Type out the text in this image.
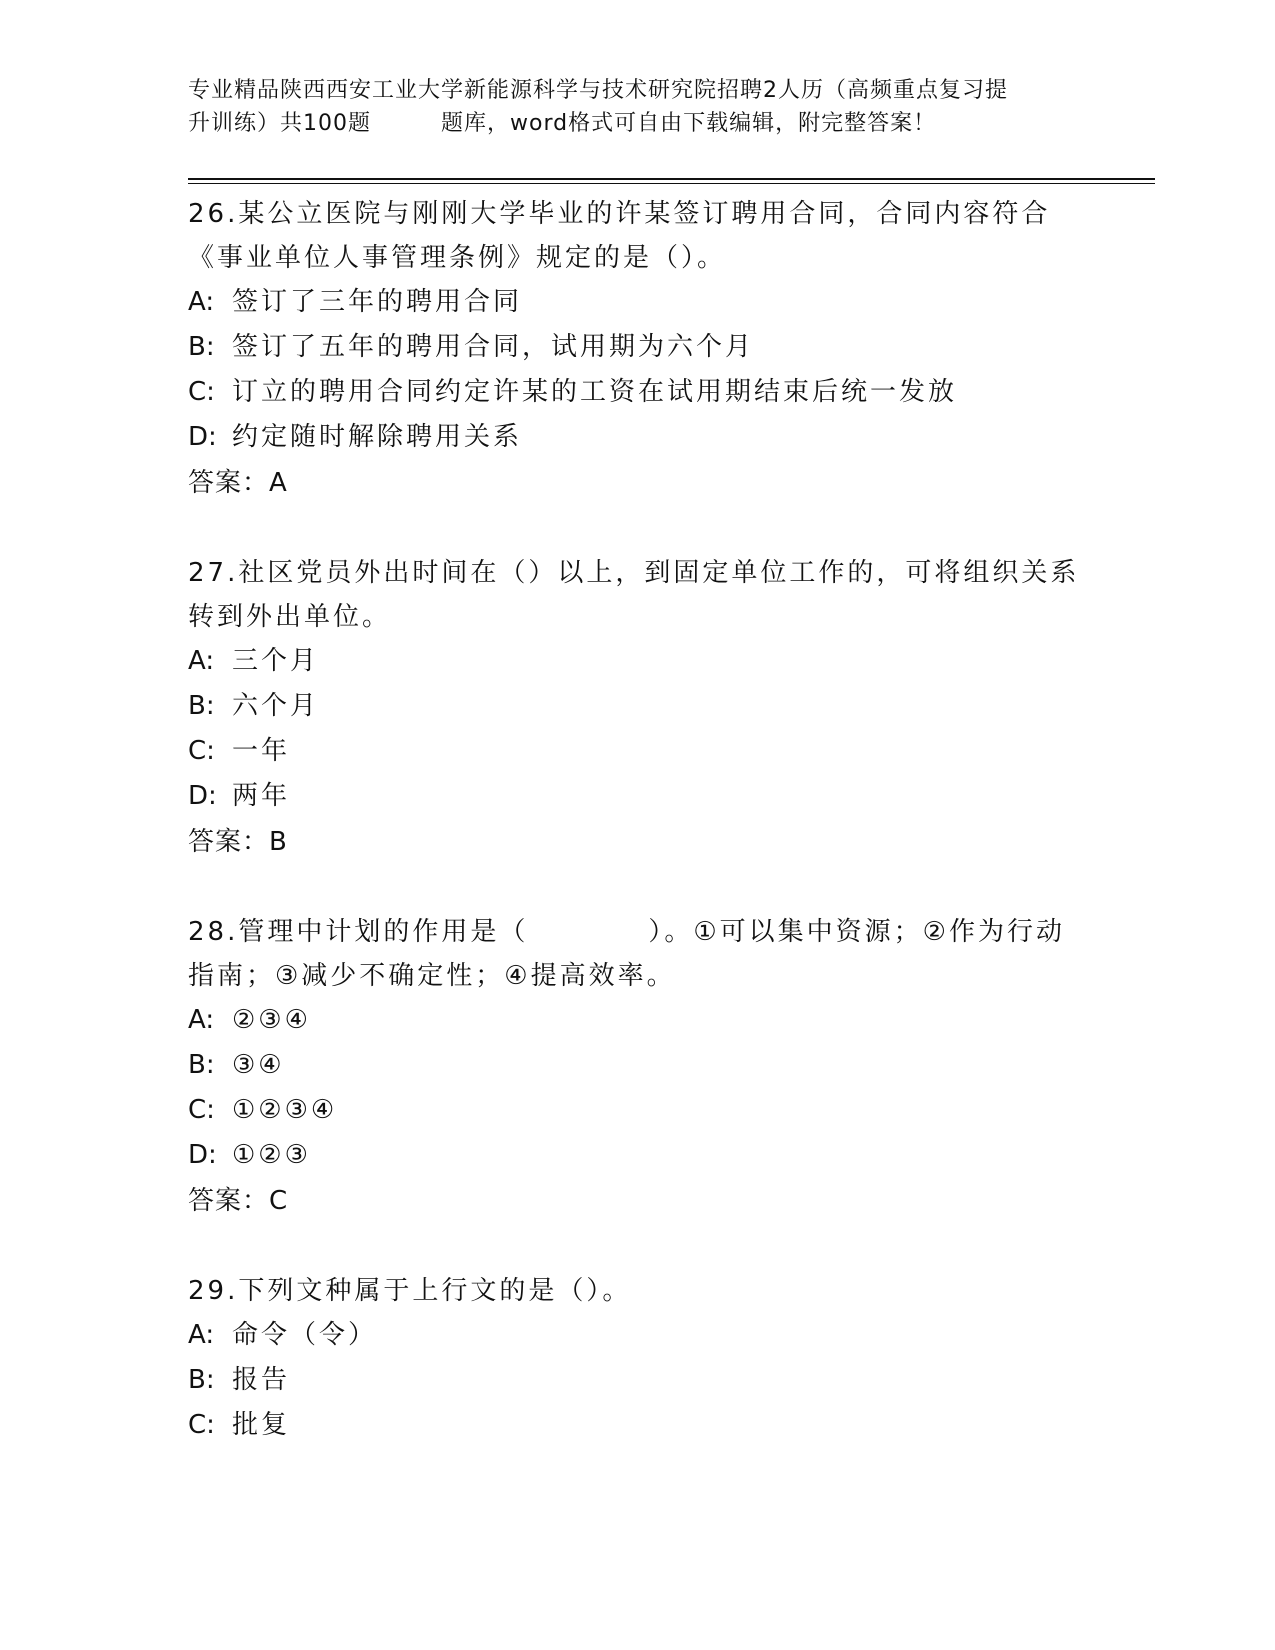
专业精品陕西西安工业大学新能源科学与技术研究院招聘2人历（高频重点复习提
升训练）共100题	题库，word格式可自由下载编辑，附完整答案！

26.某公立医院与刚刚大学毕业的许某签订聘用合同，合同内容符合《事业单位人事管理条例》规定的是（）。

A: 签订了三年的聘用合同
B: 签订了五年的聘用合同，试用期为六个月
C: 订立的聘用合同约定许某的工资在试用期结束后统一发放
D: 约定随时解除聘用关系
答案：A

27.社区党员外出时间在（）以上，到固定单位工作的，可将组织关系转到外出单位。

A: 三个月
B: 六个月
C: 一年
D: 两年
答案：B

28.管理中计划的作用是（	）。①可以集中资源；②作为行动指南；③减少不确定性；④提高效率。

A: ②③④
B: ③④
C: ①②③④
D: ①②③
答案：C

29.下列文种属于上行文的是（）。

A: 命令（令）
B: 报告
C: 批复
